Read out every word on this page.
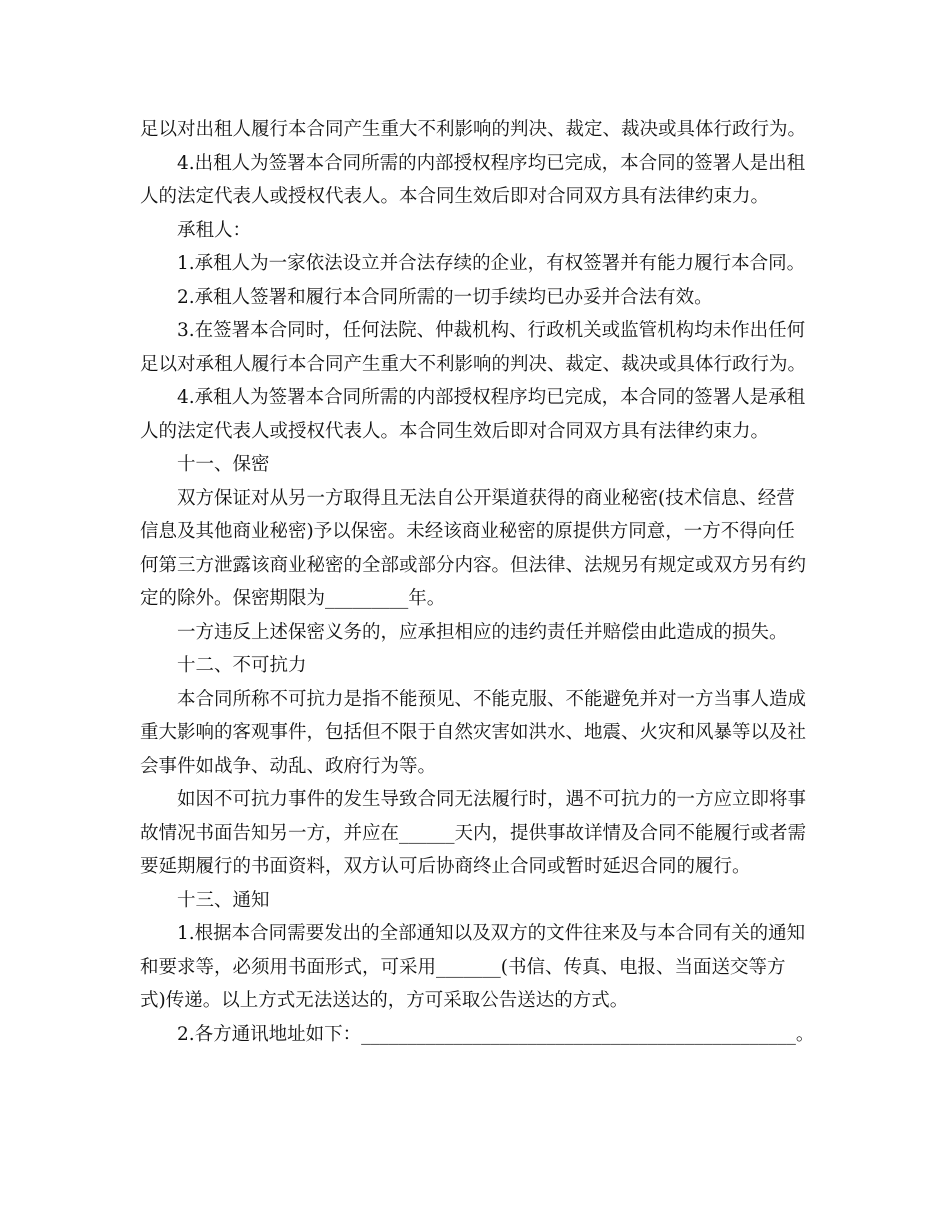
足以对出租人履行本合同产生重大不利影响的判决、裁定、裁决或具体行政行为。
4.出租人为签署本合同所需的内部授权程序均已完成，本合同的签署人是出租
人的法定代表人或授权代表人。本合同生效后即对合同双方具有法律约束力。
承租人：
1.承租人为一家依法设立并合法存续的企业，有权签署并有能力履行本合同。
2.承租人签署和履行本合同所需的一切手续均已办妥并合法有效。
3.在签署本合同时，任何法院、仲裁机构、行政机关或监管机构均未作出任何
足以对承租人履行本合同产生重大不利影响的判决、裁定、裁决或具体行政行为。
4.承租人为签署本合同所需的内部授权程序均已完成，本合同的签署人是承租
人的法定代表人或授权代表人。本合同生效后即对合同双方具有法律约束力。
十一、保密
双方保证对从另一方取得且无法自公开渠道获得的商业秘密(技术信息、经营
信息及其他商业秘密)予以保密。未经该商业秘密的原提供方同意，一方不得向任
何第三方泄露该商业秘密的全部或部分内容。但法律、法规另有规定或双方另有约
定的除外。保密期限为_________年。
一方违反上述保密义务的，应承担相应的违约责任并赔偿由此造成的损失。
十二、不可抗力
本合同所称不可抗力是指不能预见、不能克服、不能避免并对一方当事人造成
重大影响的客观事件，包括但不限于自然灾害如洪水、地震、火灾和风暴等以及社
会事件如战争、动乱、政府行为等。
如因不可抗力事件的发生导致合同无法履行时，遇不可抗力的一方应立即将事
故情况书面告知另一方，并应在______天内，提供事故详情及合同不能履行或者需
要延期履行的书面资料，双方认可后协商终止合同或暂时延迟合同的履行。
十三、通知
1.根据本合同需要发出的全部通知以及双方的文件往来及与本合同有关的通知
和要求等，必须用书面形式，可采用_______(书信、传真、电报、当面送交等方
式)传递。以上方式无法送达的，方可采取公告送达的方式。
2.各方通讯地址如下：_______________________________________________。
